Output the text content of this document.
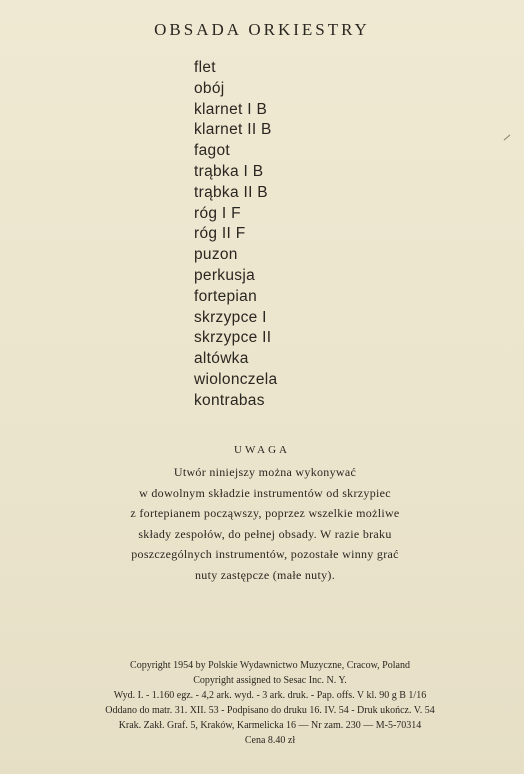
OBSADA ORKIESTRY
flet
obój
klarnet I B
klarnet II B
fagot
trąbka I B
trąbka II B
róg I F
róg II F
puzon
perkusja
fortepian
skrzypce I
skrzypce II
altówka
wiolonczela
kontrabas
UWAGA
Utwór niniejszy można wykonywać
w dowolnym składzie instrumentów od skrzypiec
z fortepianem począwszy, poprzez wszelkie możliwe
składy zespołów, do pełnej obsady. W razie braku
poszczególnych instrumentów, pozostałe winny grać
nuty zastępcze (małe nuty).
Copyright 1954 by Polskie Wydawnictwo Muzyczne, Cracow, Poland
Copyright assigned to Sesac Inc. N. Y.
Wyd. I. - 1.160 egz. - 4,2 ark. wyd. - 3 ark. druk. - Pap. offs. V kl. 90 g B 1/16
Oddano do matr. 31. XII. 53 - Podpisano do druku 16. IV. 54 - Druk ukończ. V. 54
Krak. Zakł. Graf. 5, Kraków, Karmelicka 16 — Nr zam. 230 — M-5-70314
Cena 8.40 zł
